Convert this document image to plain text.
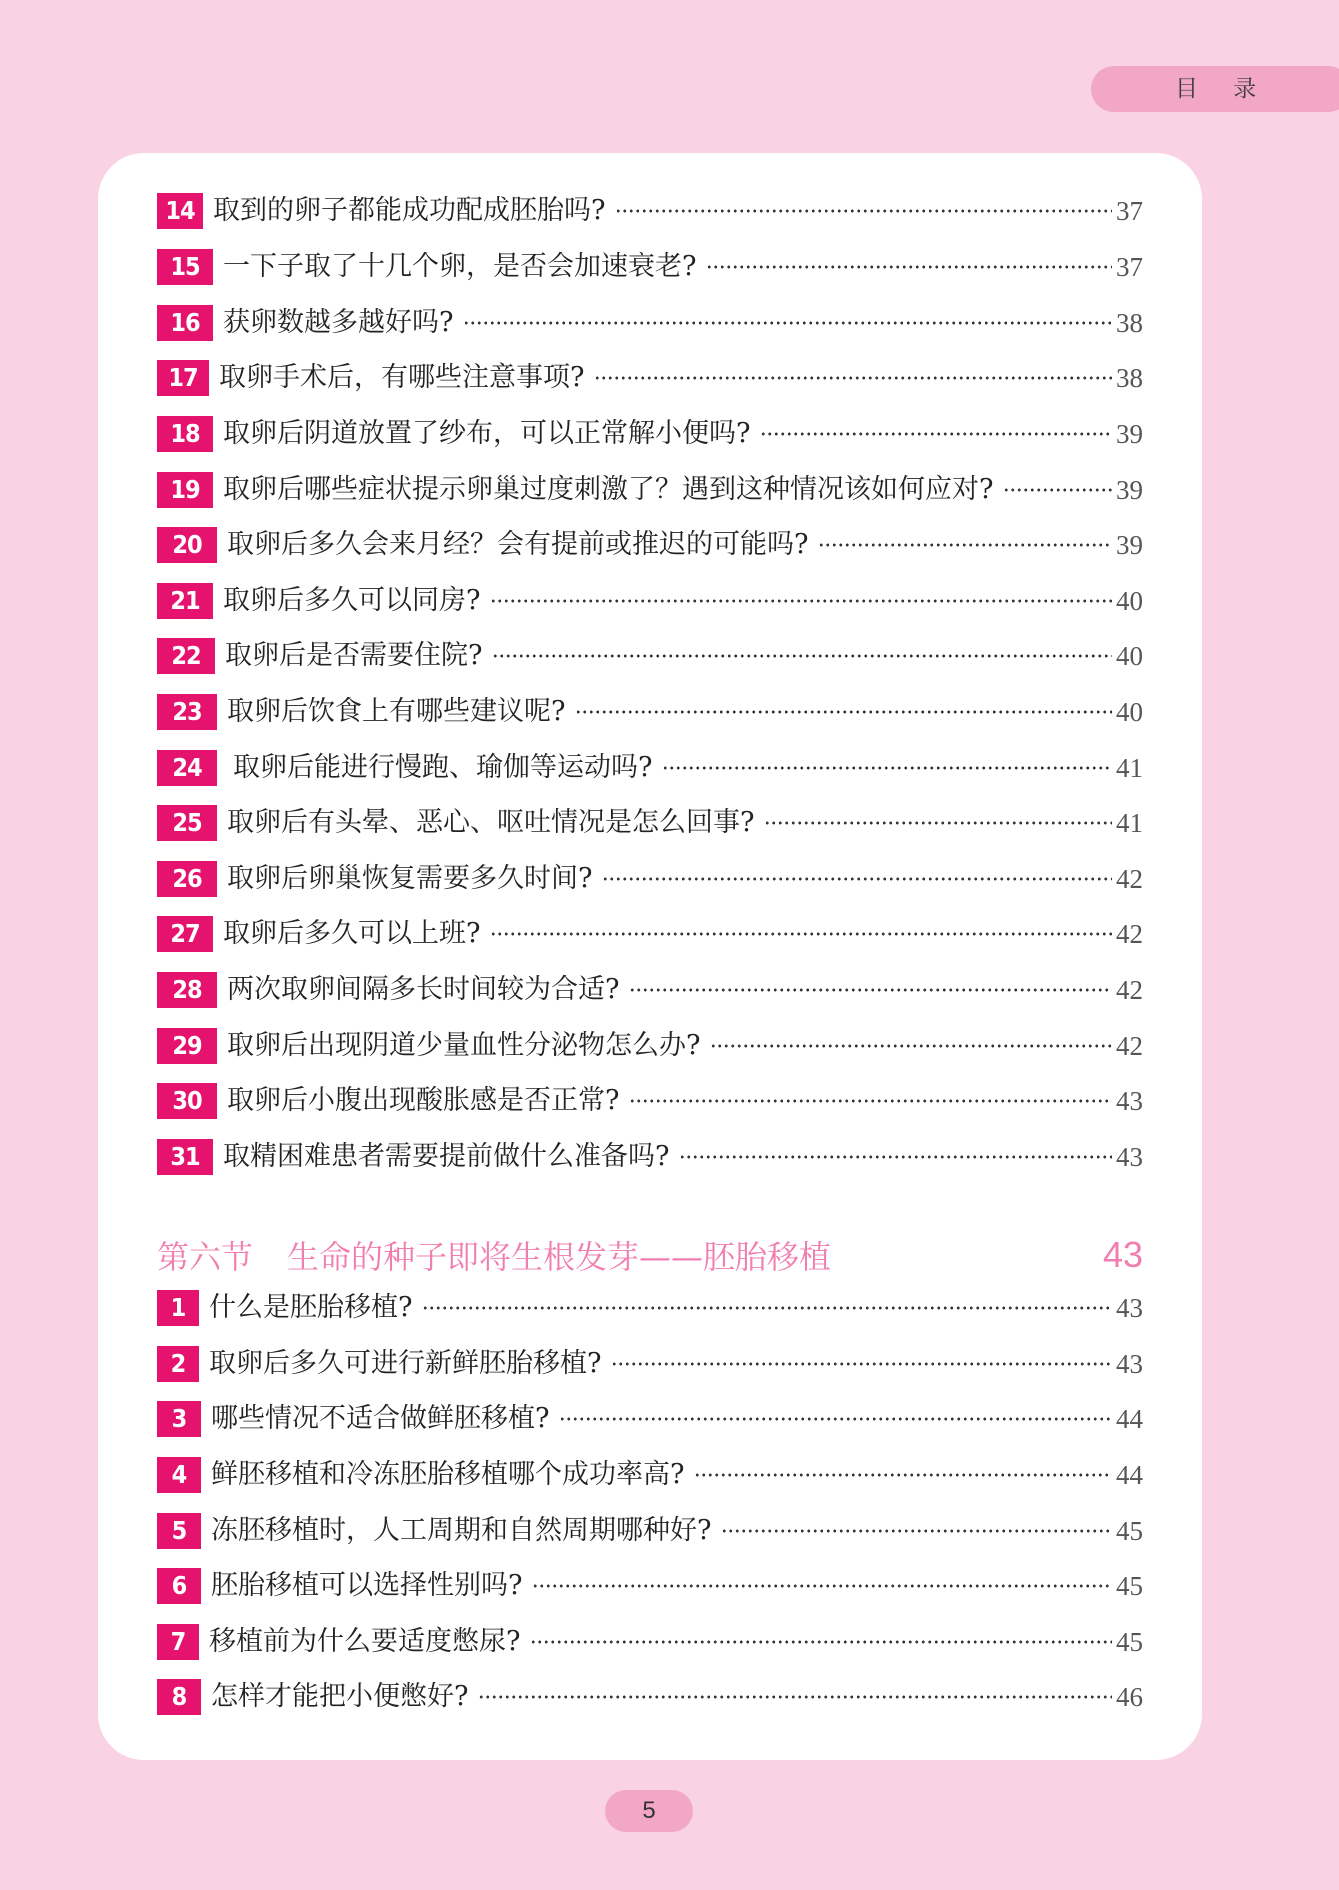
目 录
14 取到的卵子都能成功配成胚胎吗?	37
15 一下子取了十几个卵，是否会加速衰老?	37
16 获卵数越多越好吗?	38
17 取卵手术后，有哪些注意事项?	38
18 取卵后阴道放置了纱布，可以正常解小便吗?	39
19 取卵后哪些症状提示卵巢过度刺激了？遇到这种情况该如何应对?	39
20 取卵后多久会来月经？会有提前或推迟的可能吗?	39
21 取卵后多久可以同房?	40
22 取卵后是否需要住院?	40
23 取卵后饮食上有哪些建议呢?	40
24	取卵后能进行慢跑、瑜伽等运动吗?	41
25 取卵后有头晕、恶心、呕吐情况是怎么回事?	41
26 取卵后卵巢恢复需要多久时间?	42
27 取卵后多久可以上班?	42
28 两次取卵间隔多长时间较为合适?	42
29 取卵后出现阴道少量血性分泌物怎么办?	42
30 取卵后小腹出现酸胀感是否正常?	43
31 取精困难患者需要提前做什么准备吗?	43
第六节 生命的种子即将生根发芽——胚胎移植	43
1 什么是胚胎移植?	43
2 取卵后多久可进行新鲜胚胎移植?	43
3 哪些情况不适合做鲜胚移植?	44
4 鲜胚移植和冷冻胚胎移植哪个成功率高?	44
5 冻胚移植时，人工周期和自然周期哪种好?	45
6 胚胎移植可以选择性别吗?	45
7 移植前为什么要适度憋尿?	45
8 怎样才能把小便憋好?	46
5
